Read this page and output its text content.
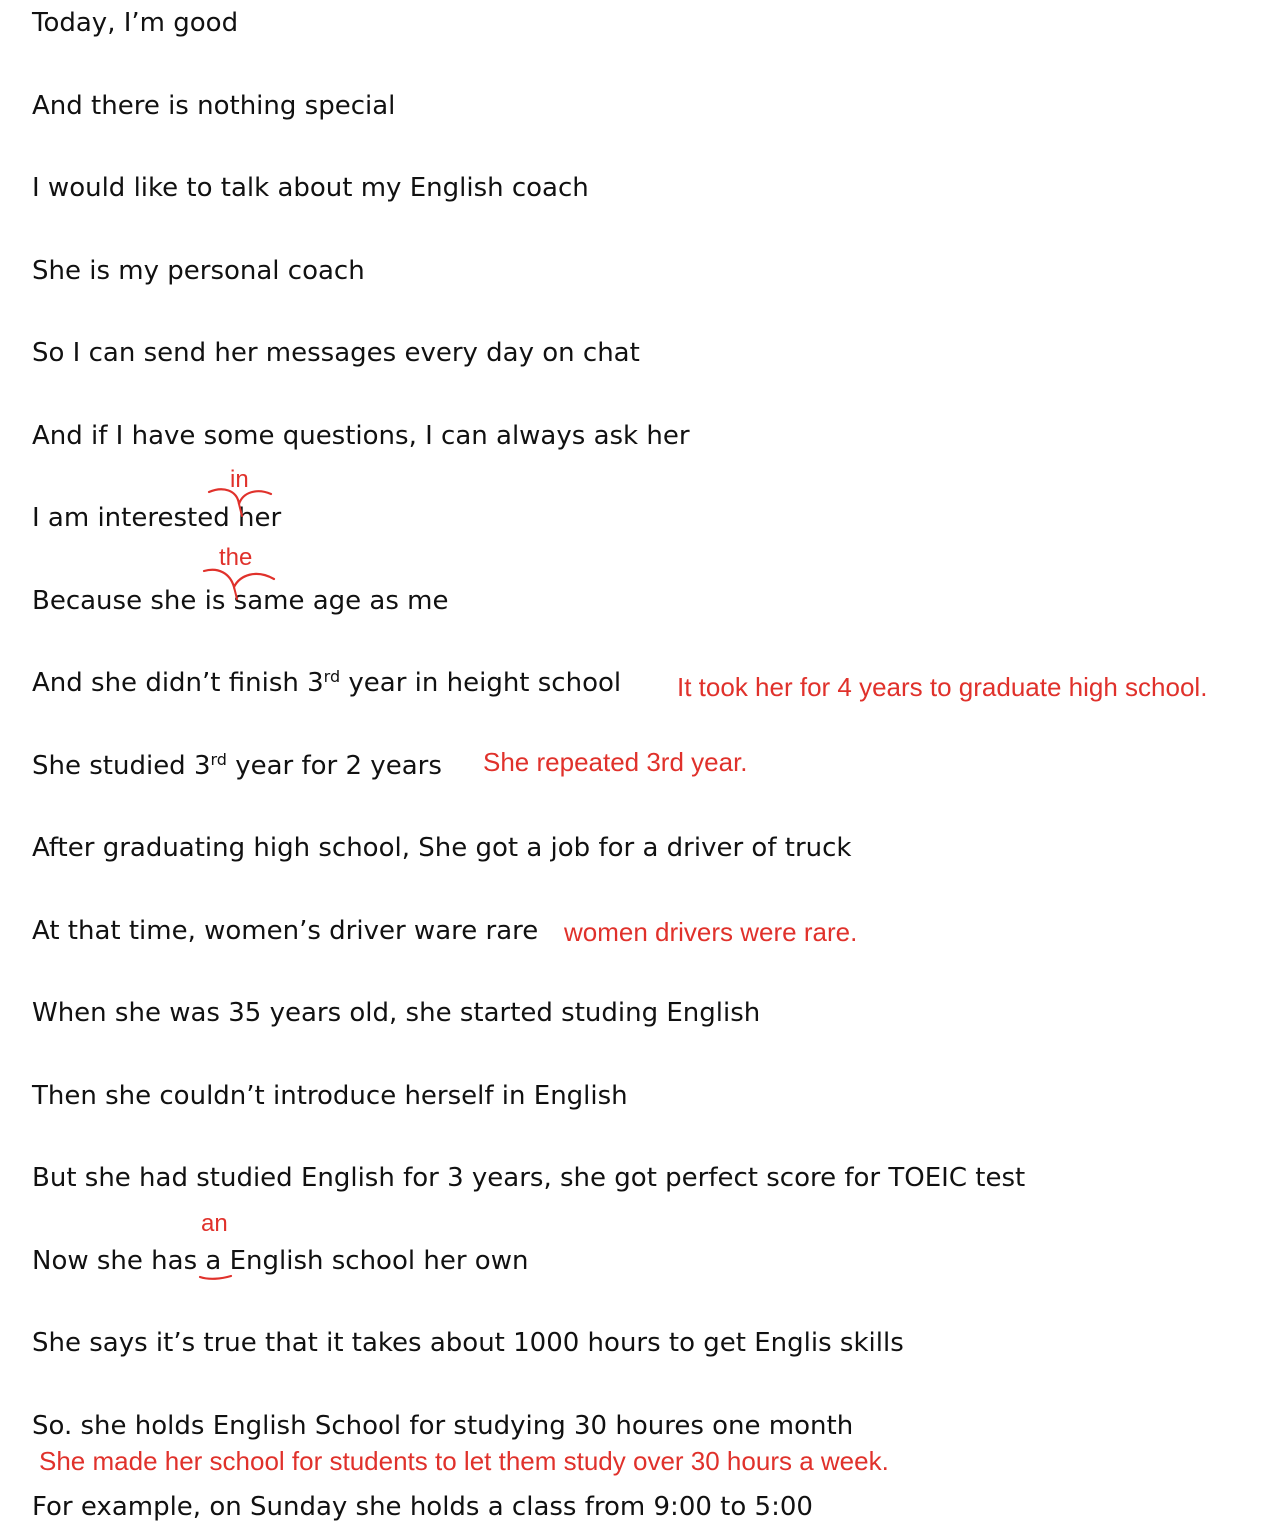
Today, I’m good
And there is nothing special
I would like to talk about my English coach
She is my personal coach
So I can send her messages every day on chat
And if I have some questions, I can always ask her
I am interested her
Because she is same age as me
And she didn’t finish 3rd year in height school
She studied 3rd year for 2 years
After graduating high school, She got a job for a driver of truck
At that time, women’s driver ware rare
When she was 35 years old, she started studing English
Then she couldn’t introduce herself in English
But she had studied English for 3 years, she got perfect score for TOEIC test
Now she has a English school her own
She says it’s true that it takes about 1000 hours to get Englis skills
So. she holds English School for studying 30 houres one month
For example, on Sunday she holds a class from 9:00 to 5:00
in
the
It took her for 4 years to graduate high school.
She repeated 3rd year.
women drivers were rare.
an
She made her school for students to let them study over 30 hours a week.
